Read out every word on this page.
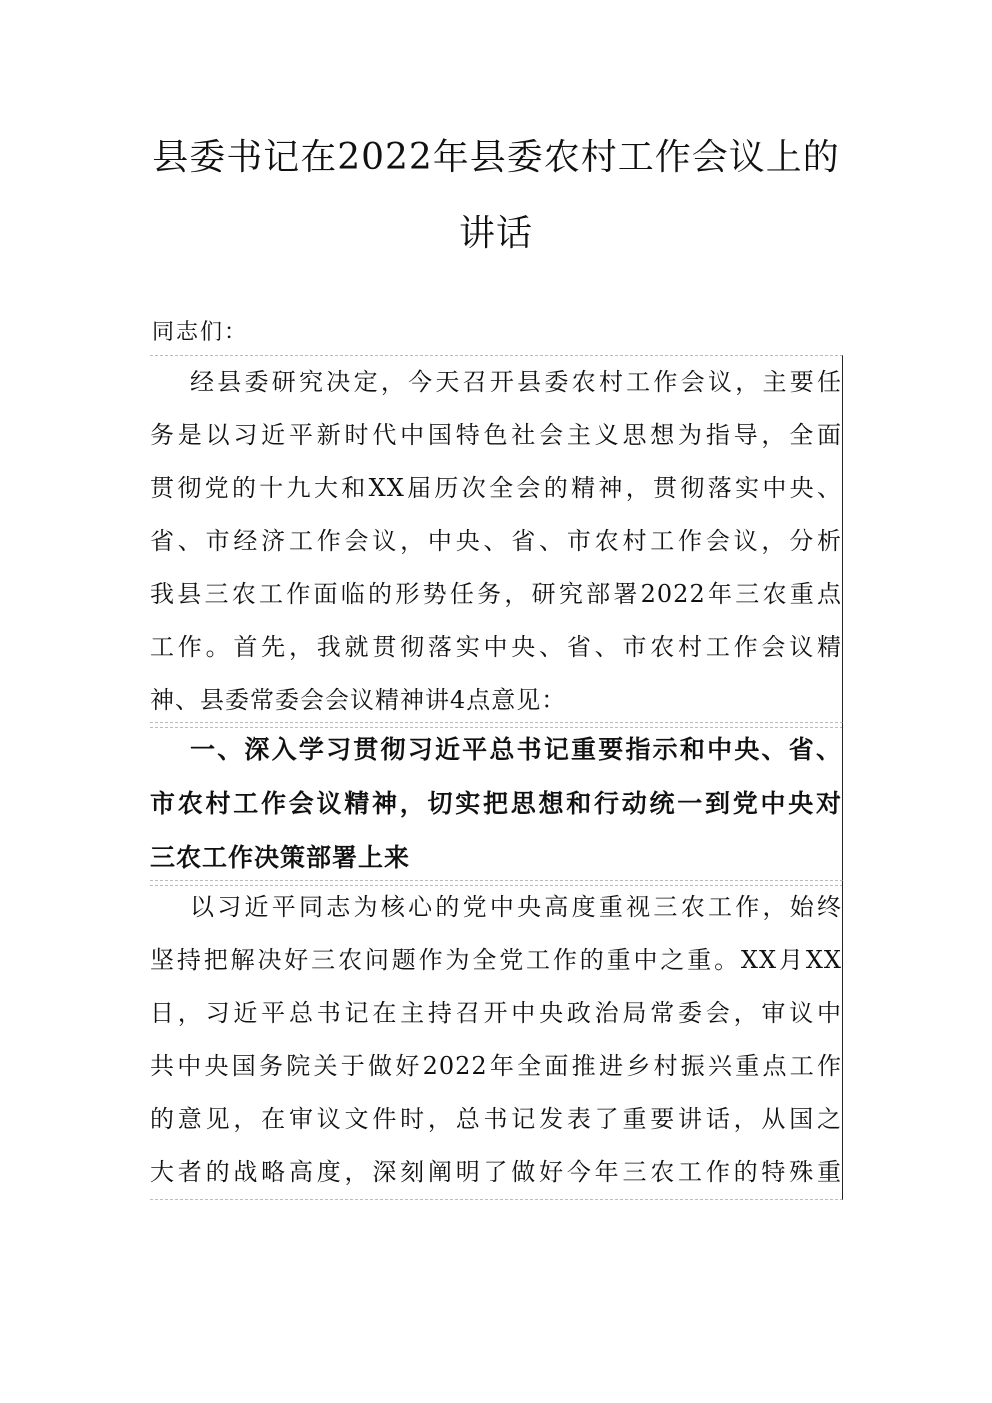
县委书记在2022年县委农村工作会议上的
讲话
同志们：
经县委研究决定，今天召开县委农村工作会议，主要任
务是以习近平新时代中国特色社会主义思想为指导，全面
贯彻党的十九大和XX届历次全会的精神，贯彻落实中央、
省、市经济工作会议，中央、省、市农村工作会议，分析
我县三农工作面临的形势任务，研究部署2022年三农重点
工作。首先，我就贯彻落实中央、省、市农村工作会议精
神、县委常委会会议精神讲4点意见：
一、深入学习贯彻习近平总书记重要指示和中央、省、
市农村工作会议精神，切实把思想和行动统一到党中央对
三农工作决策部署上来
以习近平同志为核心的党中央高度重视三农工作，始终
坚持把解决好三农问题作为全党工作的重中之重。XX月XX
日，习近平总书记在主持召开中央政治局常委会，审议中
共中央国务院关于做好2022年全面推进乡村振兴重点工作
的意见，在审议文件时，总书记发表了重要讲话，从国之
大者的战略高度，深刻阐明了做好今年三农工作的特殊重
